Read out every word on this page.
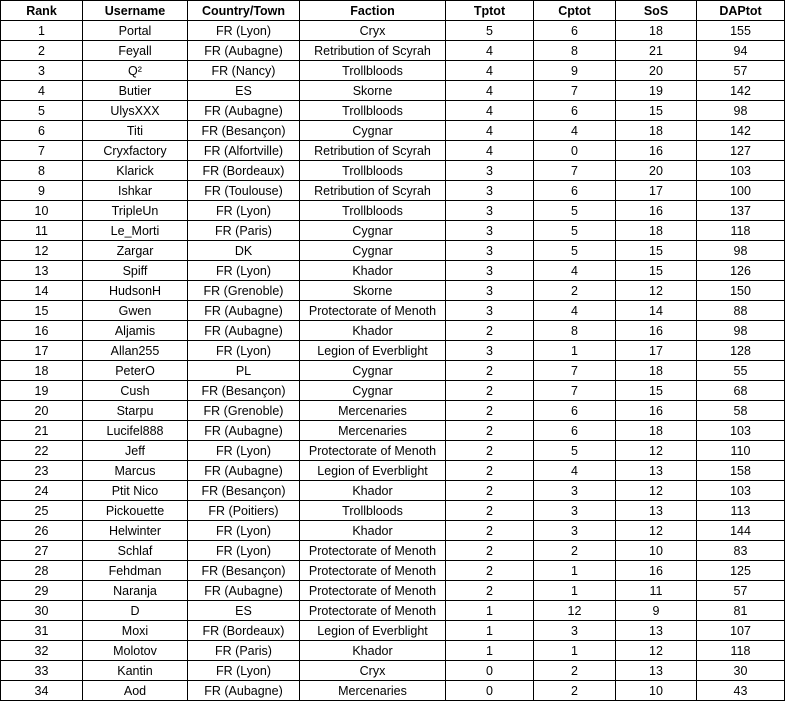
Rank	Username	Country/Town	Faction	Tptot	Cptot	SoS	DAPtot
1	Portal	FR (Lyon)	Cryx	5	6	18	155
2	Feyall	FR (Aubagne)	Retribution of Scyrah	4	8	21	94
3	Q²	FR (Nancy)	Trollbloods	4	9	20	57
4	Butier	ES	Skorne	4	7	19	142
5	UlysXXX	FR (Aubagne)	Trollbloods	4	6	15	98
6	Titi	FR (Besançon)	Cygnar	4	4	18	142
7	Cryxfactory	FR (Alfortville)	Retribution of Scyrah	4	0	16	127
8	Klarick	FR (Bordeaux)	Trollbloods	3	7	20	103
9	Ishkar	FR (Toulouse)	Retribution of Scyrah	3	6	17	100
10	TripleUn	FR (Lyon)	Trollbloods	3	5	16	137
11	Le_Morti	FR (Paris)	Cygnar	3	5	18	118
12	Zargar	DK	Cygnar	3	5	15	98
13	Spiff	FR (Lyon)	Khador	3	4	15	126
14	HudsonH	FR (Grenoble)	Skorne	3	2	12	150
15	Gwen	FR (Aubagne)	Protectorate of Menoth	3	4	14	88
16	Aljamis	FR (Aubagne)	Khador	2	8	16	98
17	Allan255	FR (Lyon)	Legion of Everblight	3	1	17	128
18	PeterO	PL	Cygnar	2	7	18	55
19	Cush	FR (Besançon)	Cygnar	2	7	15	68
20	Starpu	FR (Grenoble)	Mercenaries	2	6	16	58
21	Lucifel888	FR (Aubagne)	Mercenaries	2	6	18	103
22	Jeff	FR (Lyon)	Protectorate of Menoth	2	5	12	110
23	Marcus	FR (Aubagne)	Legion of Everblight	2	4	13	158
24	Ptit Nico	FR (Besançon)	Khador	2	3	12	103
25	Pickouette	FR (Poitiers)	Trollbloods	2	3	13	113
26	Helwinter	FR (Lyon)	Khador	2	3	12	144
27	Schlaf	FR (Lyon)	Protectorate of Menoth	2	2	10	83
28	Fehdman	FR (Besançon)	Protectorate of Menoth	2	1	16	125
29	Naranja	FR (Aubagne)	Protectorate of Menoth	2	1	11	57
30	D	ES	Protectorate of Menoth	1	12	9	81
31	Moxi	FR (Bordeaux)	Legion of Everblight	1	3	13	107
32	Molotov	FR (Paris)	Khador	1	1	12	118
33	Kantin	FR (Lyon)	Cryx	0	2	13	30
34	Aod	FR (Aubagne)	Mercenaries	0	2	10	43
